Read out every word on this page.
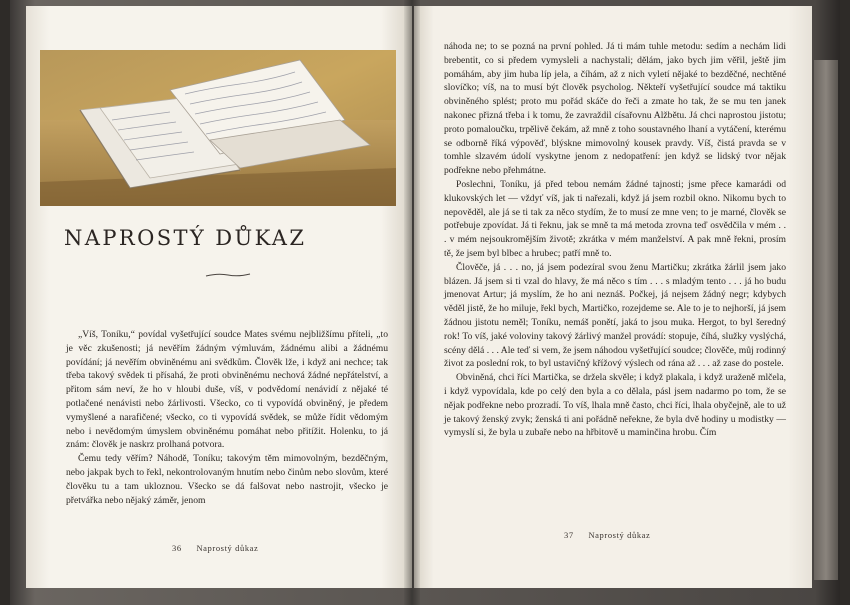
NAPROSTÝ DŮKAZ

„Víš, Toníku,“ povídal vyšetřující soudce Mates svému nejbližšímu příteli, „to je věc zkušenosti; já nevěřím žádným výmluvám, žádnému alibi a žádnému povídání; já nevěřím obviněnému ani svědkům. Člověk lže, i když ani nechce; tak třeba takový svědek ti přísahá, že proti obviněnému nechová žádné nepřátelství, a přitom sám neví, že ho v hloubi duše, víš, v podvědomí nenávidí z nějaké té potlačené nenávisti nebo žárlivosti. Všecko, co ti vypovídá obviněný, je předem vymyšlené a narafičené; všecko, co ti vypovídá svědek, se může řídit vědomým nebo i nevědomým úmyslem obviněnému pomáhat nebo přitížit. Holenku, to já znám: člověk je naskrz prolhaná potvora.

Čemu tedy věřím? Náhodě, Toníku; takovým těm mimovolným, bezděčným, nebo jakpak bych to řekl, nekontrolovaným hnutím nebo činům nebo slovům, které člověku tu a tam ukloznou. Všecko se dá falšovat nebo nastrojit, všecko je přetvářka nebo nějaký záměr, jenom

36 Naprostý důkaz

náhoda ne; to se pozná na první pohled. Já ti mám tuhle metodu: sedím a nechám lidi brebentit, co si předem vymysleli a nachystali; dělám, jako bych jim věřil, ještě jim pomáhám, aby jim huba líp jela, a číhám, až z nich vyletí nějaké to bezděčné, nechtěné slovíčko; víš, na to musí být člověk psycholog. Někteří vyšetřující soudce má taktiku obviněného splést; proto mu pořád skáče do řeči a zmate ho tak, že se mu ten janek nakonec přizná třeba i k tomu, že zavraždil císařovnu Alžbětu. Já chci naprostou jistotu; proto pomaloučku, trpělivě čekám, až mně z toho soustavného lhaní a vytáčení, kterému se odborně říká výpověď, blýskne mimovolný kousek pravdy. Víš, čistá pravda se v tomhle slzavém údolí vyskytne jenom z nedopatření: jen když se lidský tvor nějak podřekne nebo přehmátne.

Poslechni, Toníku, já před tebou nemám žádné tajnosti; jsme přece kamarádi od klukovských let — vždyť víš, jak ti nařezali, když já jsem rozbil okno. Nikomu bych to nepověděl, ale já se ti tak za něco stydím, že to musí ze mne ven; to je marné, člověk se potřebuje zpovídat. Já ti řeknu, jak se mně ta má metoda zrovna teď osvědčila v mém . . . v mém nejsoukromějším životě; zkrátka v mém manželství. A pak mně řekni, prosím tě, že jsem byl blbec a hrubec; patří mně to.

Člověče, já . . . no, já jsem podezíral svou ženu Martičku; zkrátka žárlil jsem jako blázen. Já jsem si ti vzal do hlavy, že má něco s tím . . . s mladým tento . . . já ho budu jmenovat Artur; já myslím, že ho ani neznáš. Počkej, já nejsem žádný negr; kdybych věděl jistě, že ho miluje, řekl bych, Martičko, rozejdeme se. Ale to je to nejhorší, já jsem žádnou jistotu neměl; Toníku, nemáš ponětí, jaká to jsou muka. Hergot, to byl šeredný rok! To víš, jaké voloviny takový žárlivý manžel provádí: stopuje, číhá, služky vyslýchá, scény dělá . . . Ale teď si vem, že jsem náhodou vyšetřující soudce; člověče, můj rodinný život za poslední rok, to byl ustavičný křížový výslech od rána až . . . až zase do postele.

Obviněná, chci říci Martička, se držela skvěle; i když plakala, i když uraženě mlčela, i když vypovídala, kde po celý den byla a co dělala, pásl jsem nadarmo po tom, že se nějak podřekne nebo prozradí. To víš, lhala mně často, chci říci, lhala obyčejně, ale to už je takový ženský zvyk; ženská ti ani pořádně neřekne, že byla dvě hodiny u modistky — vymyslí si, že byla u zubaře nebo na hřbitově u maminčina hrobu. Čím

37 Naprostý důkaz
